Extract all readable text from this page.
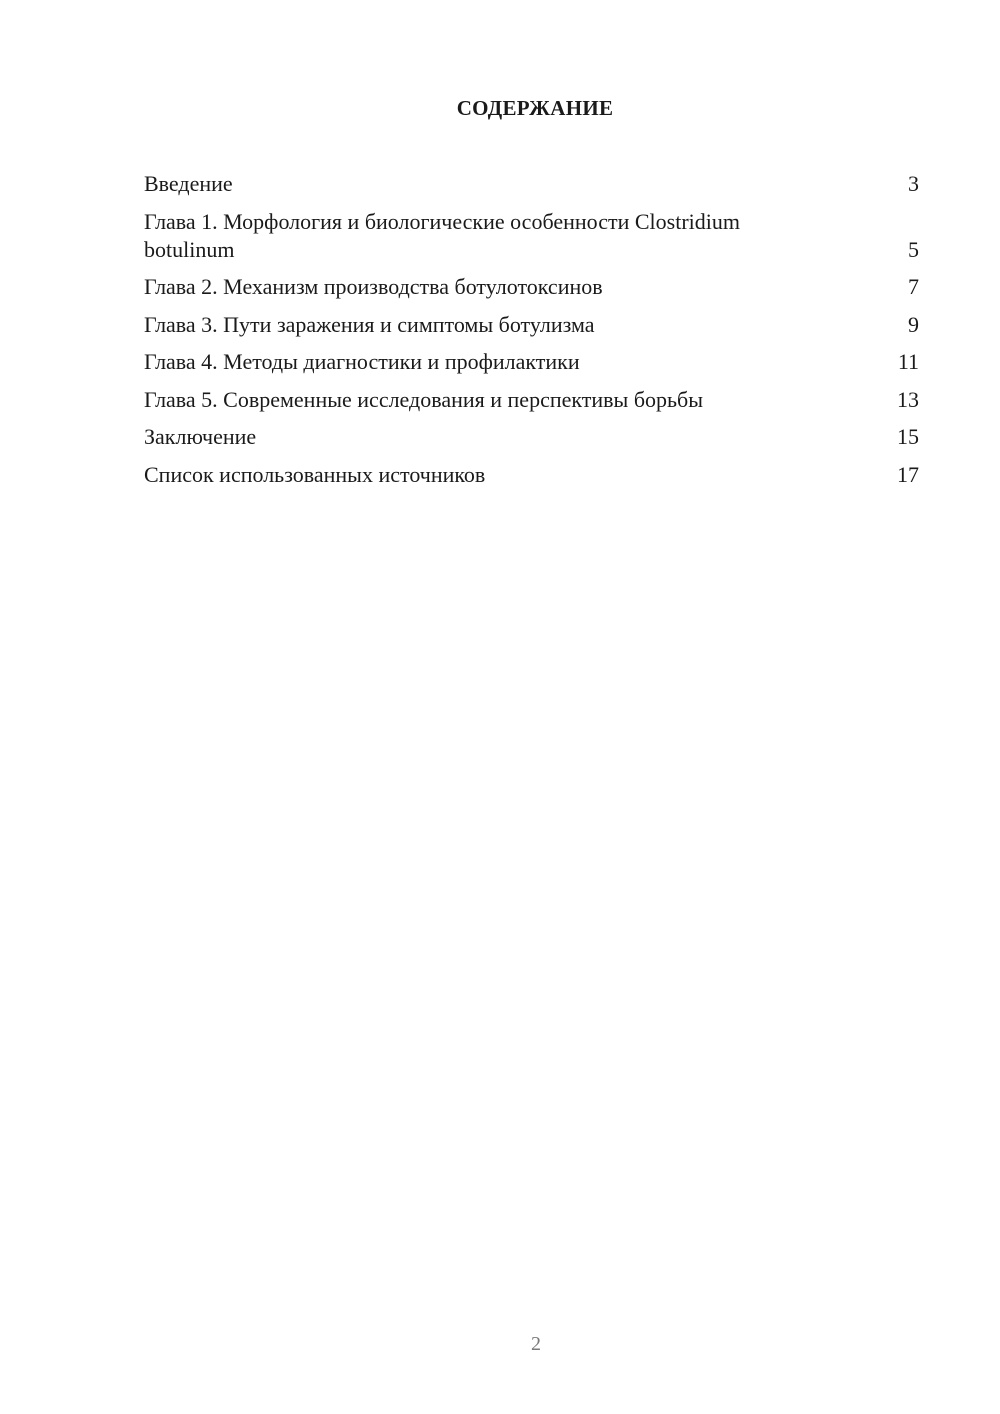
СОДЕРЖАНИЕ
Введение	3
Глава 1. Морфология и биологические особенности Clostridium botulinum	5
Глава 2. Механизм производства ботулотоксинов	7
Глава 3. Пути заражения и симптомы ботулизма	9
Глава 4. Методы диагностики и профилактики	11
Глава 5. Современные исследования и перспективы борьбы	13
Заключение	15
Список использованных источников	17
2
